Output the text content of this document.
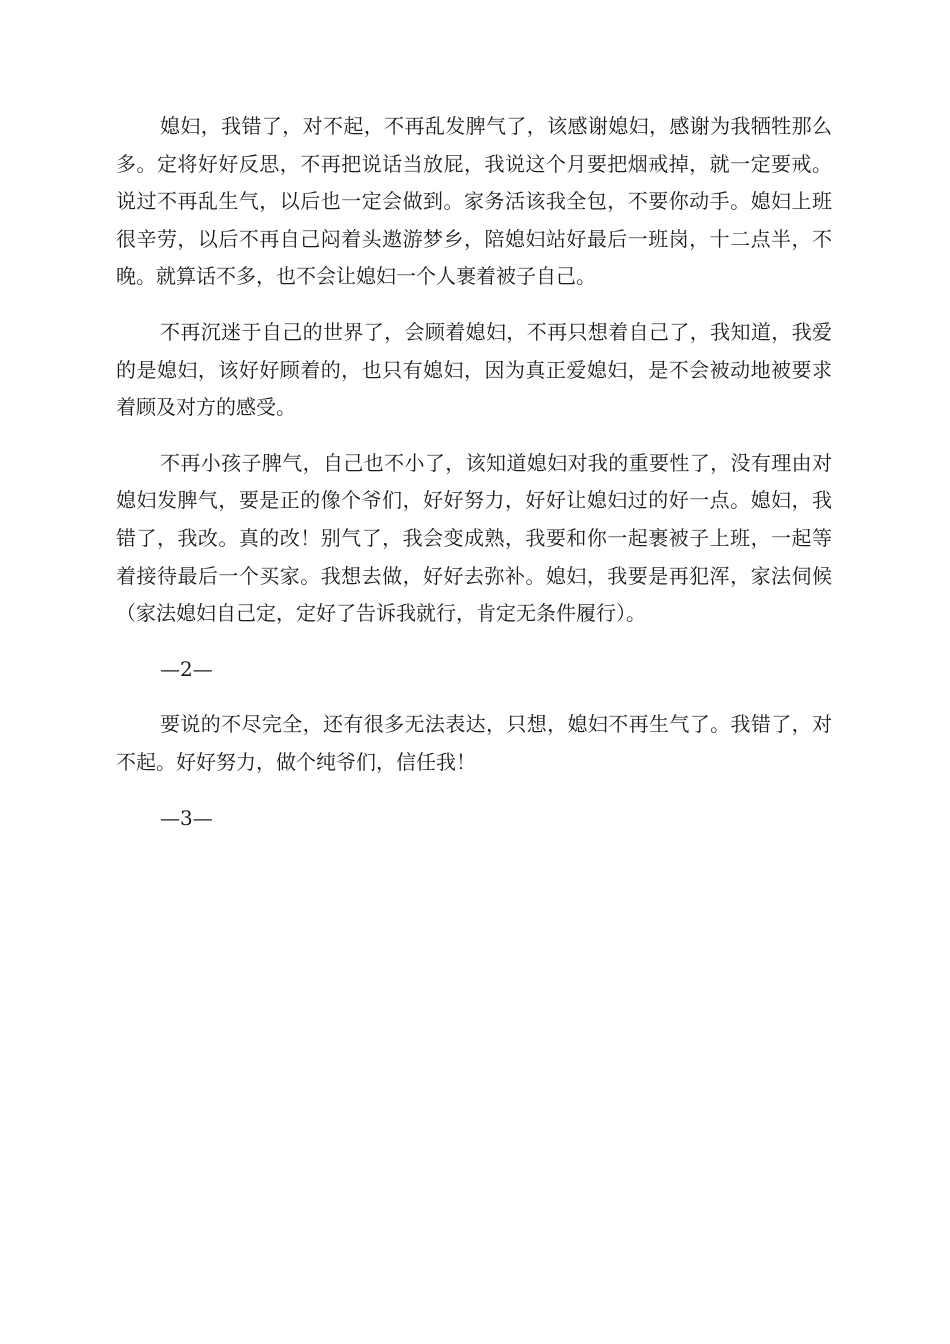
媳妇，我错了，对不起，不再乱发脾气了，该感谢媳妇，感谢为我牺牲那么多。定将好好反思，不再把说话当放屁，我说这个月要把烟戒掉，就一定要戒。说过不再乱生气，以后也一定会做到。家务活该我全包，不要你动手。媳妇上班很辛劳，以后不再自己闷着头遨游梦乡，陪媳妇站好最后一班岗，十二点半，不晚。就算话不多，也不会让媳妇一个人裹着被子自己。

不再沉迷于自己的世界了，会顾着媳妇，不再只想着自己了，我知道，我爱的是媳妇，该好好顾着的，也只有媳妇，因为真正爱媳妇，是不会被动地被要求着顾及对方的感受。

不再小孩子脾气，自己也不小了，该知道媳妇对我的重要性了，没有理由对媳妇发脾气，要是正的像个爷们，好好努力，好好让媳妇过的好一点。媳妇，我错了，我改。真的改！别气了，我会变成熟，我要和你一起裹被子上班，一起等着接待最后一个买家。我想去做，好好去弥补。媳妇，我要是再犯浑，家法伺候（家法媳妇自己定，定好了告诉我就行，肯定无条件履行）。

—2—

要说的不尽完全，还有很多无法表达，只想，媳妇不再生气了。我错了，对不起。好好努力，做个纯爷们，信任我！

—3—
